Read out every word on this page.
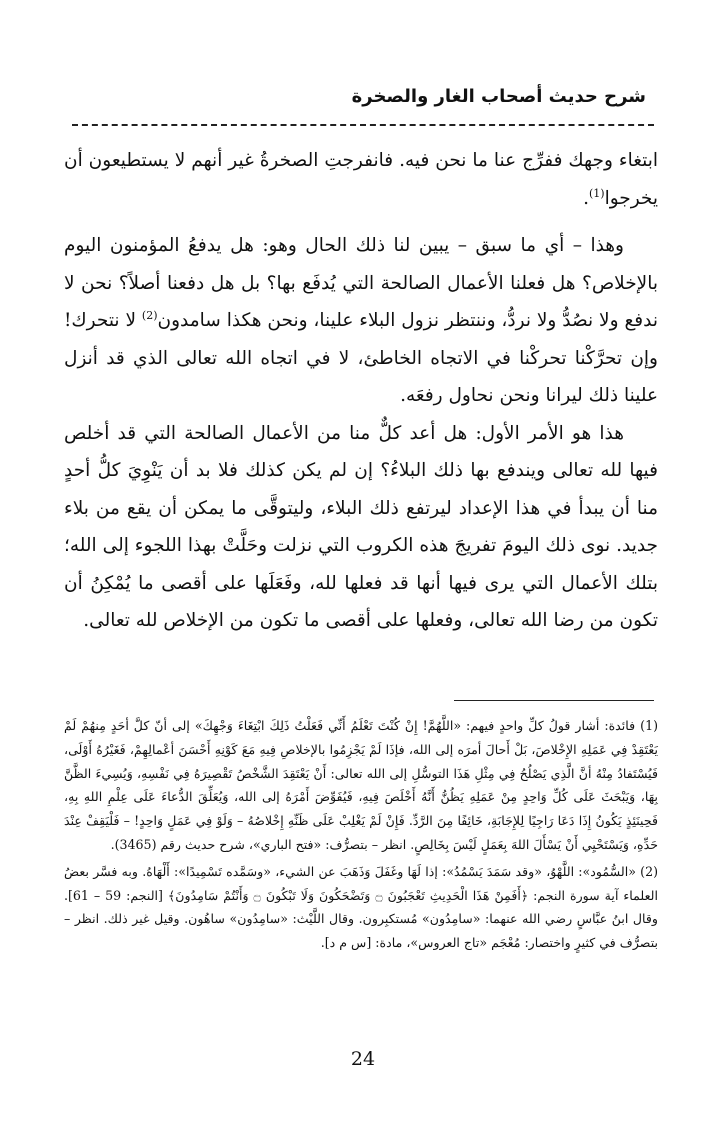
شرح حديث أصحاب الغار والصخرة

ابتغاء وجهك ففرِّج عنا ما نحن فيه. فانفرجتِ الصخرةُ غير أنهم لا يستطيعون أن يخرجوا$^{(1)}$.

وهذا – أي ما سبق – يبين لنا ذلك الحال وهو: هل يدفعُ المؤمنون اليوم بالإخلاص؟ هل فعلنا الأعمال الصالحة التي يُدفَع بها؟ بل هل دفعنا أصلاً؟ نحن لا ندفع ولا نصُدُّ ولا نردُّ، وننتظر نزول البلاء علينا، ونحن هكذا سامدون$^{(2)}$ لا نتحرك! وإن تحرَّكْنا تحركْنا في الاتجاه الخاطئ، لا في اتجاه الله تعالى الذي قد أنزل علينا ذلك ليرانا ونحن نحاول رفعَه.

هذا هو الأمر الأول: هل أعد كلٌّ منا من الأعمال الصالحة التي قد أخلص فيها لله تعالى ويندفع بها ذلك البلاءُ؟ إن لم يكن كذلك فلا بد أن يَنْوِيَ كلُّ أحدٍ منا أن يبدأ في هذا الإعداد ليرتفع ذلك البلاء، وليتوقَّى ما يمكن أن يقع من بلاء جديد. نوى ذلك اليومَ تفريجَ هذه الكروب التي نزلت وحَلَّتْ بهذا اللجوء إلى الله؛ بتلك الأعمال التي يرى فيها أنها قد فعلها لله، وفَعَلَها على أقصى ما يُمْكِنُ أن تكون من رضا الله تعالى، وفعلها على أقصى ما تكون من الإخلاص لله تعالى.

(1) فائدة: أشار قولُ كلِّ واحدٍ فيهم: «اللَّهُمَّ! إِنْ كُنْتَ تَعْلَمُ أَنِّي فَعَلْتُ ذَلِكَ ابْتِغَاءَ وَجْهِكَ» إلى أنّ كلَّ أحَدٍ مِنهُمْ لَمْ يَعْتَقِدْ فِي عَمَلِهِ الإِخْلاصَ، بَلْ أَحالَ أمرَه إلى الله، فإذَا لَمْ يَجْزِمُوا بالإخلاصِ فِيهِ مَعَ كَوْنِهِ أَحْسَنَ أعْمالِهِمْ، فَغَيْرُهُ أَوْلَى، فَيُسْتَفادُ مِنْهُ أنَّ الَّذِي يَصْلُحُ فِي مِثْلِ هَذَا التوسُّلِ إلى الله تعالى: أَنْ يَعْتَقِدَ الشَّخْصُ تَقْصِيرَهُ فِي نَفْسِهِ، وَيُسِيءَ الظَّنَّ بِهَا، وَيَبْحَثَ عَلَى كُلِّ وَاحِدٍ مِنْ عَمَلِهِ يَظُنُّ أَنَّهُ أَخْلَصَ فِيهِ، فَيُفَوِّضَ أَمْرَهُ إلى الله، وَيُعَلِّقَ الدُّعاءَ عَلَى عِلْمِ اللهِ بِهِ، فَحِينَئِذٍ يَكُونُ إِذَا دَعَا رَاجِيًا لِلإِجَابَةِ، خَائِفًا مِنَ الرَّدِّ. فَإِنْ لَمْ يَغْلِبْ عَلَى ظَنِّهِ إِخْلاصُهُ – وَلَوْ فِي عَمَلٍ وَاحِدٍ! – فَلْيَقِفْ عِنْدَ حَدِّهِ، وَيَسْتَحْيِي أَنْ يَسْأَلَ اللهَ بِعَمَلٍ لَيْسَ بِخَالِصٍ. انظر – بتصرُّف: «فتح الباري»، شرح حديث رقم (3465).

(2) «السُّمُود»: اللَّهْوُ، «وقد سَمَدَ يَسْمُدُ»: إذا لَهَا وغَفَلَ وَذَهَبَ عن الشيء، «وسَمَّده تَسْمِيدًا»: أَلْهَاهُ. وبه فسَّر بعضُ العلماء آية سورة النجم: ﴿أَفَمِنْ هَذَا الْحَدِيثِ تَعْجَبُونَ ۝ وَتَضْحَكُونَ وَلَا تَبْكُونَ ۝ وَأَنْتُمْ سَامِدُونَ﴾ [النجم: 59 – 61]. وقال ابنُ عبَّاسٍ رضي الله عنهما: «سامِدُون» مُستكبِرون. وقال اللَّيْث: «سامِدُون» ساهُون. وقيل غير ذلك. انظر – بتصرُّف في كثيرٍ واختصار: مُعْجَم «تاج العروس»، مادة: [س م د].

24
